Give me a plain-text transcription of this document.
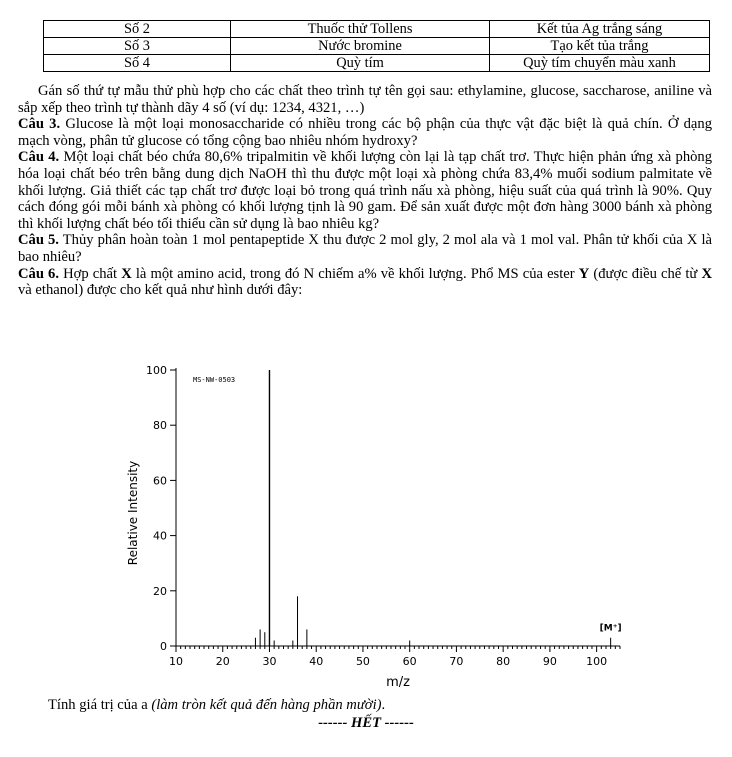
Số 2	Thuốc thử Tollens	Kết tủa Ag trắng sáng
Số 3	Nước bromine	Tạo kết tủa trắng
Số 4	Quỳ tím	Quỳ tím chuyển màu xanh

Gán số thứ tự mẫu thử phù hợp cho các chất theo trình tự tên gọi sau: ethylamine, glucose, saccharose, aniline và sắp xếp theo trình tự thành dãy 4 số (ví dụ: 1234, 4321, …)

Câu 3. Glucose là một loại monosaccharide có nhiều trong các bộ phận của thực vật đặc biệt là quả chín. Ở dạng mạch vòng, phân tử glucose có tổng cộng bao nhiêu nhóm hydroxy?

Câu 4. Một loại chất béo chứa 80,6% tripalmitin về khối lượng còn lại là tạp chất trơ. Thực hiện phản ứng xà phòng hóa loại chất béo trên bằng dung dịch NaOH thì thu được một loại xà phòng chứa 83,4% muối sodium palmitate về khối lượng. Giả thiết các tạp chất trơ được loại bỏ trong quá trình nấu xà phòng, hiệu suất của quá trình là 90%. Quy cách đóng gói mỗi bánh xà phòng có khối lượng tịnh là 90 gam. Để sản xuất được một đơn hàng 3000 bánh xà phòng thì khối lượng chất béo tối thiểu cần sử dụng là bao nhiêu kg?

Câu 5. Thủy phân hoàn toàn 1 mol pentapeptide X thu được 2 mol gly, 2 mol ala và 1 mol val. Phân tử khối của X là bao nhiêu?

Câu 6. Hợp chất X là một amino acid, trong đó N chiếm a% về khối lượng. Phổ MS của ester Y (được điều chế từ X và ethanol) được cho kết quả như hình dưới đây:

0
20
40
60
80
100
10	20	30	40	50	60	70	80	90	100
MS-NW-0503
[M⁺]
m/z
Relative Intensity
Tính giá trị của a (làm tròn kết quả đến hàng phần mười).
------ HẾT ------
